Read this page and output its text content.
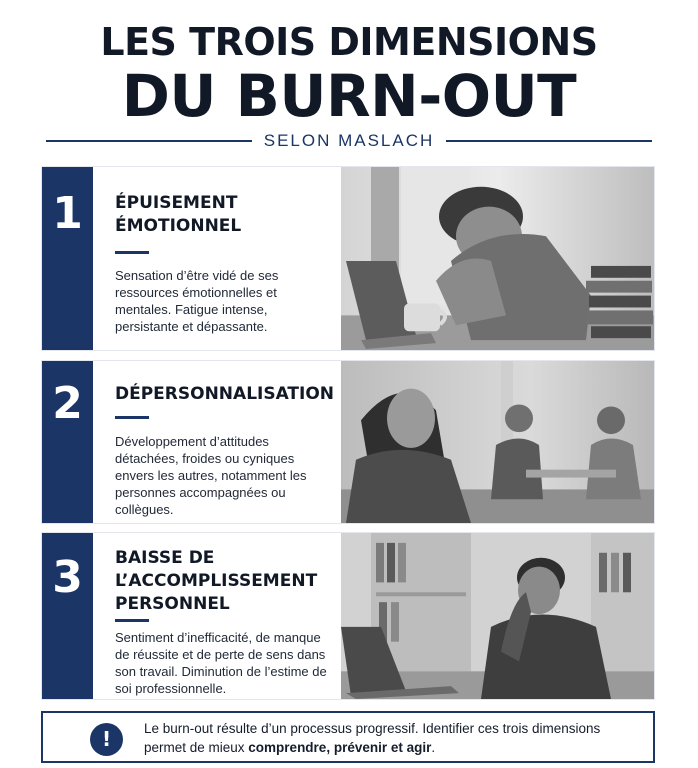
LES TROIS DIMENSIONS
DU BURN-OUT
SELON MASLACH
1	ÉPUISEMENT
ÉMOTIONNEL
Sensation d’être vidé de ses ressources émotionnelles et mentales. Fatigue intense, persistante et dépassante.
2	DÉPERSONNALISATION
Développement d’attitudes détachées, froides ou cyniques envers les autres, notamment les personnes accompagnées ou collègues.
3	BAISSE DE
L’ACCOMPLISSEMENT
PERSONNEL
Sentiment d’inefficacité, de manque de réussite et de perte de sens dans son travail. Diminution de l’estime de soi professionnelle.
!	Le burn-out résulte d’un processus progressif. Identifier ces trois dimensions permet de mieux comprendre, prévenir et agir.
